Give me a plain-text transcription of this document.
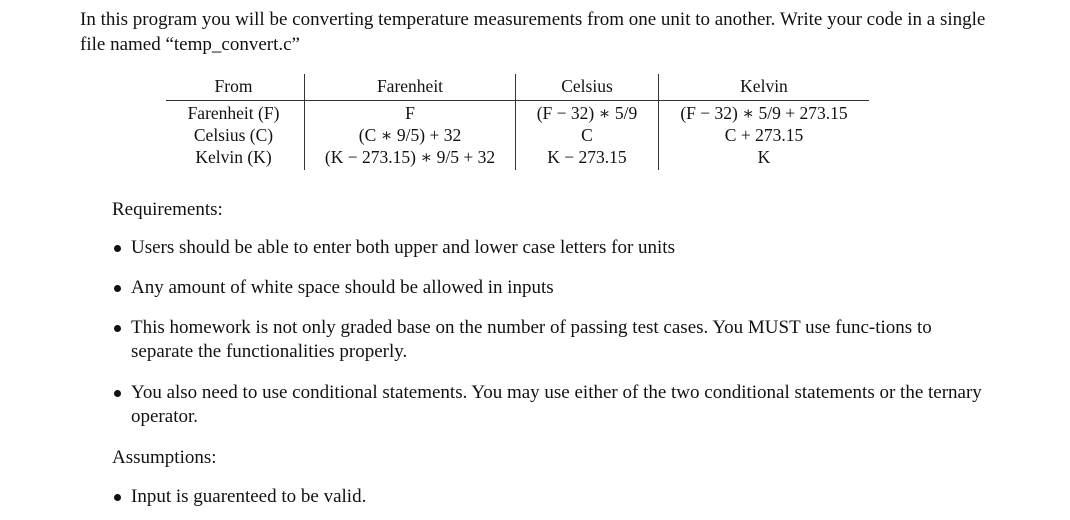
In this program you will be converting temperature measurements from one unit to another. Write your code in a single file named “temp_convert.c”

From	Farenheit	Celsius	Kelvin
Farenheit (F)	F	(F − 32) ∗ 5/9	(F − 32) ∗ 5/9 + 273.15
Celsius (C)	(C ∗ 9/5) + 32	C	C + 273.15
Kelvin (K)	(K − 273.15) ∗ 9/5 + 32	K − 273.15	K

Requirements:

Users should be able to enter both upper and lower case letters for units
Any amount of white space should be allowed in inputs
This homework is not only graded base on the number of passing test cases. You MUST use func-tions to separate the functionalities properly.
You also need to use conditional statements. You may use either of the two conditional statements or the ternary operator.

Assumptions:

Input is guarenteed to be valid.
